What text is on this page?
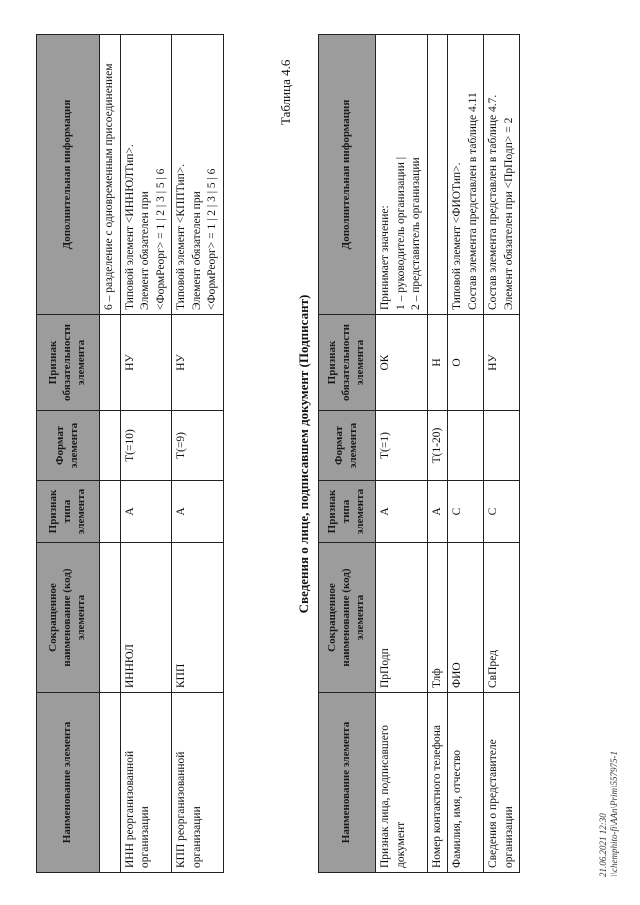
Наименование элемента	Сокращенное наименование (код) элемента	Признак типа элемента	Формат элемента	Признак обязательности элемента	Дополнительная информация

					6 – разделение с одновременным присоединением

ИНН реорганизованной организации	ИННЮЛ	А	T(=10)	НУ	Типовой элемент <ИННЮЛТип>. Элемент обязателен при <ФормРеорг> = 1 | 2 | 3 | 5 | 6

КПП реорганизованной организации	КПП	А	T(=9)	НУ	Типовой элемент <КППТип>. Элемент обязателен при <ФормРеорг> = 1 | 2 | 3 | 5 | 6
Таблица 4.6
Сведения о лице, подписавшем документ (Подписант)
Наименование элемента	Сокращенное наименование (код) элемента	Признак типа элемента	Формат элемента	Признак обязательности элемента	Дополнительная информация
Признак лица, подписавшего документ	ПрПодп	А	T(=1)	ОК	Принимает значение: 1 – руководитель организации | 2 – представитель организации

Номер контактного телефона	Тлф	А	T(1-20)	Н	

Фамилия, имя, отчество	ФИО	С		О	Типовой элемент <ФИОТип>. Состав элемента представлен в таблице 4.11

Сведения о представителе организации	СвПред	С		НУ	Состав элемента представлен в таблице 4.7. Элемент обязателен при <ПрПодп> = 2
21.06.2021 12:30 \\chemphito-fi\AAn\Prim\557975-1
